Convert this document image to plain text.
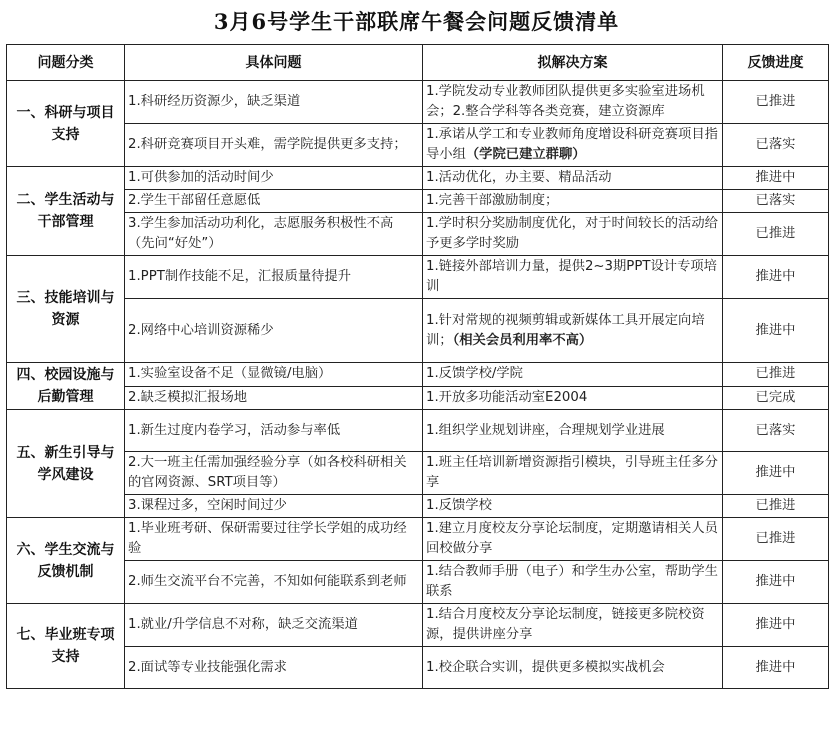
3月6号学生干部联席午餐会问题反馈清单
问题分类	具体问题	拟解决方案	反馈进度
一、科研与项目支持	1.科研经历资源少，缺乏渠道	1.学院发动专业教师团队提供更多实验室进场机会；2.整合学科等各类竞赛，建立资源库	已推进
	2.科研竞赛项目开头难，需学院提供更多支持；	1.承诺从学工和专业教师角度增设科研竞赛项目指导小组（学院已建立群聊）	已落实
二、学生活动与干部管理	1.可供参加的活动时间少	1.活动优化，办主要、精品活动	推进中
	2.学生干部留任意愿低	1.完善干部激励制度；	已落实
	3.学生参加活动功利化，志愿服务积极性不高（先问“好处”）	1.学时积分奖励制度优化，对于时间较长的活动给予更多学时奖励	已推进
三、技能培训与资源	1.PPT制作技能不足，汇报质量待提升	1.链接外部培训力量，提供2~3期PPT设计专项培训	推进中
	2.网络中心培训资源稀少	1.针对常规的视频剪辑或新媒体工具开展定向培训；（相关会员利用率不高）	推进中
四、校园设施与后勤管理	1.实验室设备不足（显微镜/电脑）	1.反馈学校/学院	已推进
	2.缺乏模拟汇报场地	1.开放多功能活动室E2004	已完成
五、新生引导与学风建设	1.新生过度内卷学习，活动参与率低	1.组织学业规划讲座，合理规划学业进展	已落实
	2.大一班主任需加强经验分享（如各校科研相关的官网资源、SRT项目等）	1.班主任培训新增资源指引模块，引导班主任多分享	推进中
	3.课程过多，空闲时间过少	1.反馈学校	已推进
六、学生交流与反馈机制	1.毕业班考研、保研需要过往学长学姐的成功经验	1.建立月度校友分享论坛制度，定期邀请相关人员回校做分享	已推进
	2.师生交流平台不完善，不知如何能联系到老师	1.结合教师手册（电子）和学生办公室，帮助学生联系	推进中
七、毕业班专项支持	1.就业/升学信息不对称，缺乏交流渠道	1.结合月度校友分享论坛制度，链接更多院校资源，提供讲座分享	推进中
	2.面试等专业技能强化需求	1.校企联合实训，提供更多模拟实战机会	推进中
